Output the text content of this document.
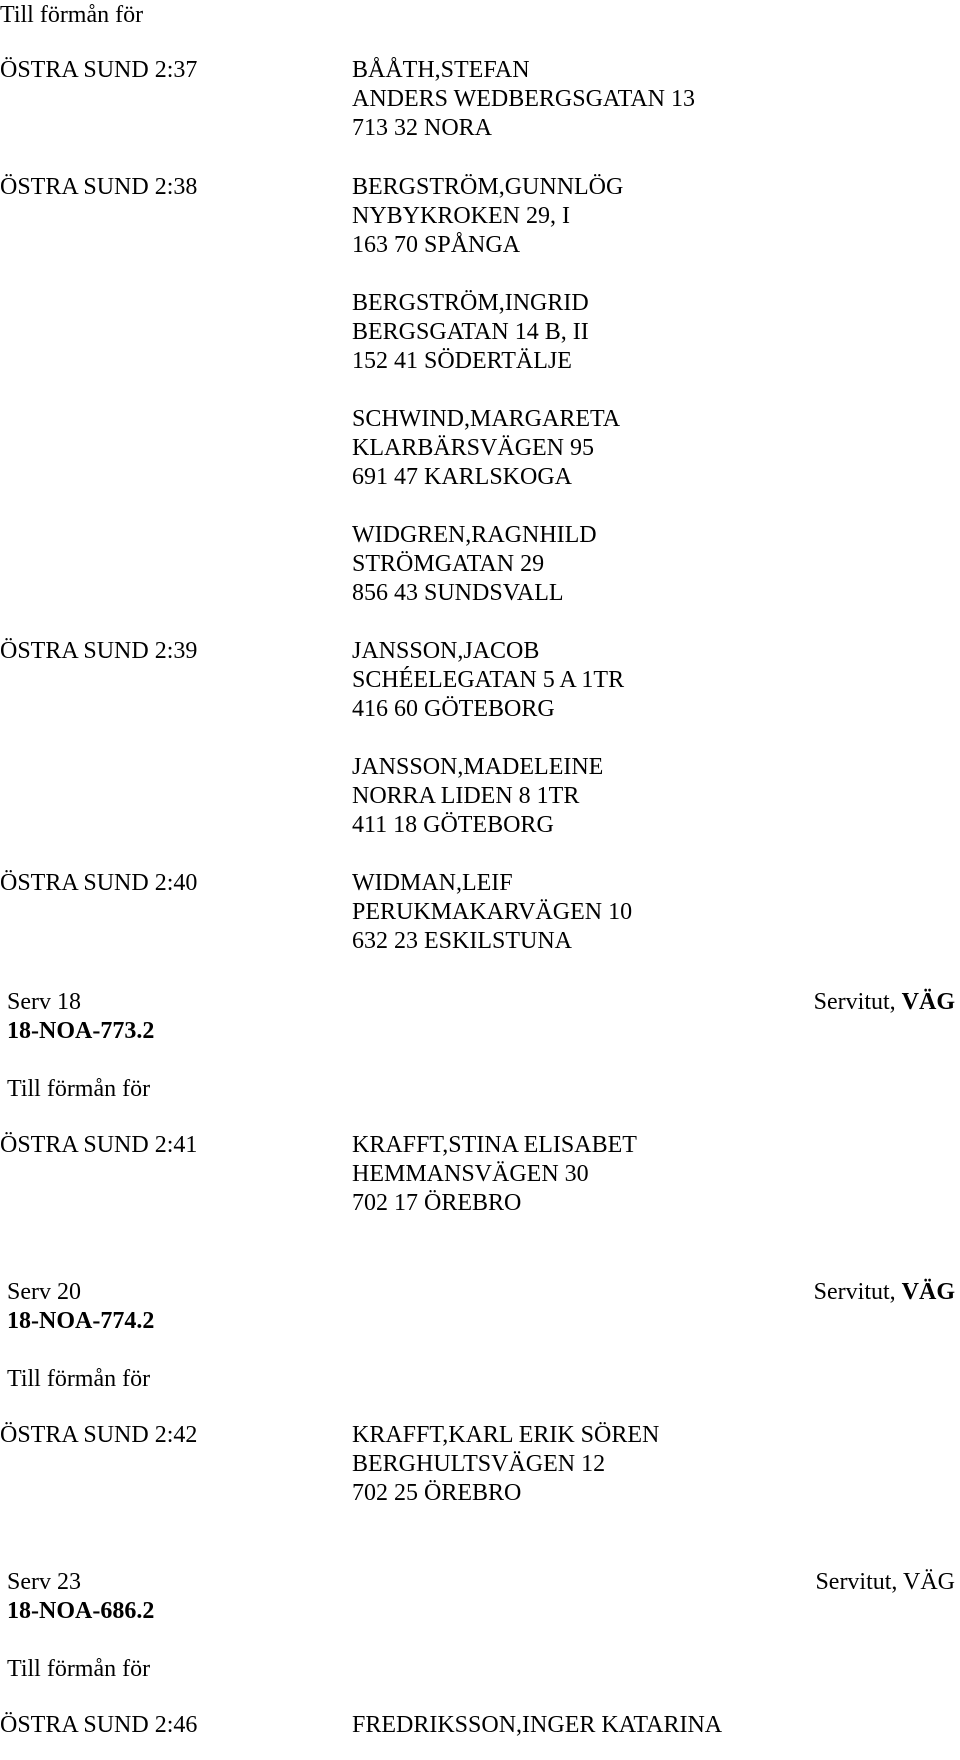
Till förmån för
ÖSTRA SUND 2:37	BÅÅTH,STEFAN
ANDERS WEDBERGSGATAN 13
713 32 NORA
ÖSTRA SUND 2:38	BERGSTRÖM,GUNNLÖG
NYBYKROKEN 29, I
163 70 SPÅNGA
BERGSTRÖM,INGRID
BERGSGATAN 14 B, II
152 41 SÖDERTÄLJE
SCHWIND,MARGARETA
KLARBÄRSVÄGEN 95
691 47 KARLSKOGA
WIDGREN,RAGNHILD
STRÖMGATAN 29
856 43 SUNDSVALL
ÖSTRA SUND 2:39	JANSSON,JACOB
SCHÉELEGATAN 5 A 1TR
416 60 GÖTEBORG
JANSSON,MADELEINE
NORRA LIDEN 8 1TR
411 18 GÖTEBORG
ÖSTRA SUND 2:40	WIDMAN,LEIF
PERUKMAKARVÄGEN 10
632 23 ESKILSTUNA
Serv 18
18-NOA-773.2
Servitut, VÄG
Till förmån för
ÖSTRA SUND 2:41	KRAFFT,STINA ELISABET
HEMMANSVÄGEN 30
702 17 ÖREBRO
Serv 20
18-NOA-774.2
Servitut, VÄG
Till förmån för
ÖSTRA SUND 2:42	KRAFFT,KARL ERIK SÖREN
BERGHULTSVÄGEN 12
702 25 ÖREBRO
Serv 23
18-NOA-686.2
Servitut, VÄG
Till förmån för
ÖSTRA SUND 2:46	FREDRIKSSON,INGER KATARINA
